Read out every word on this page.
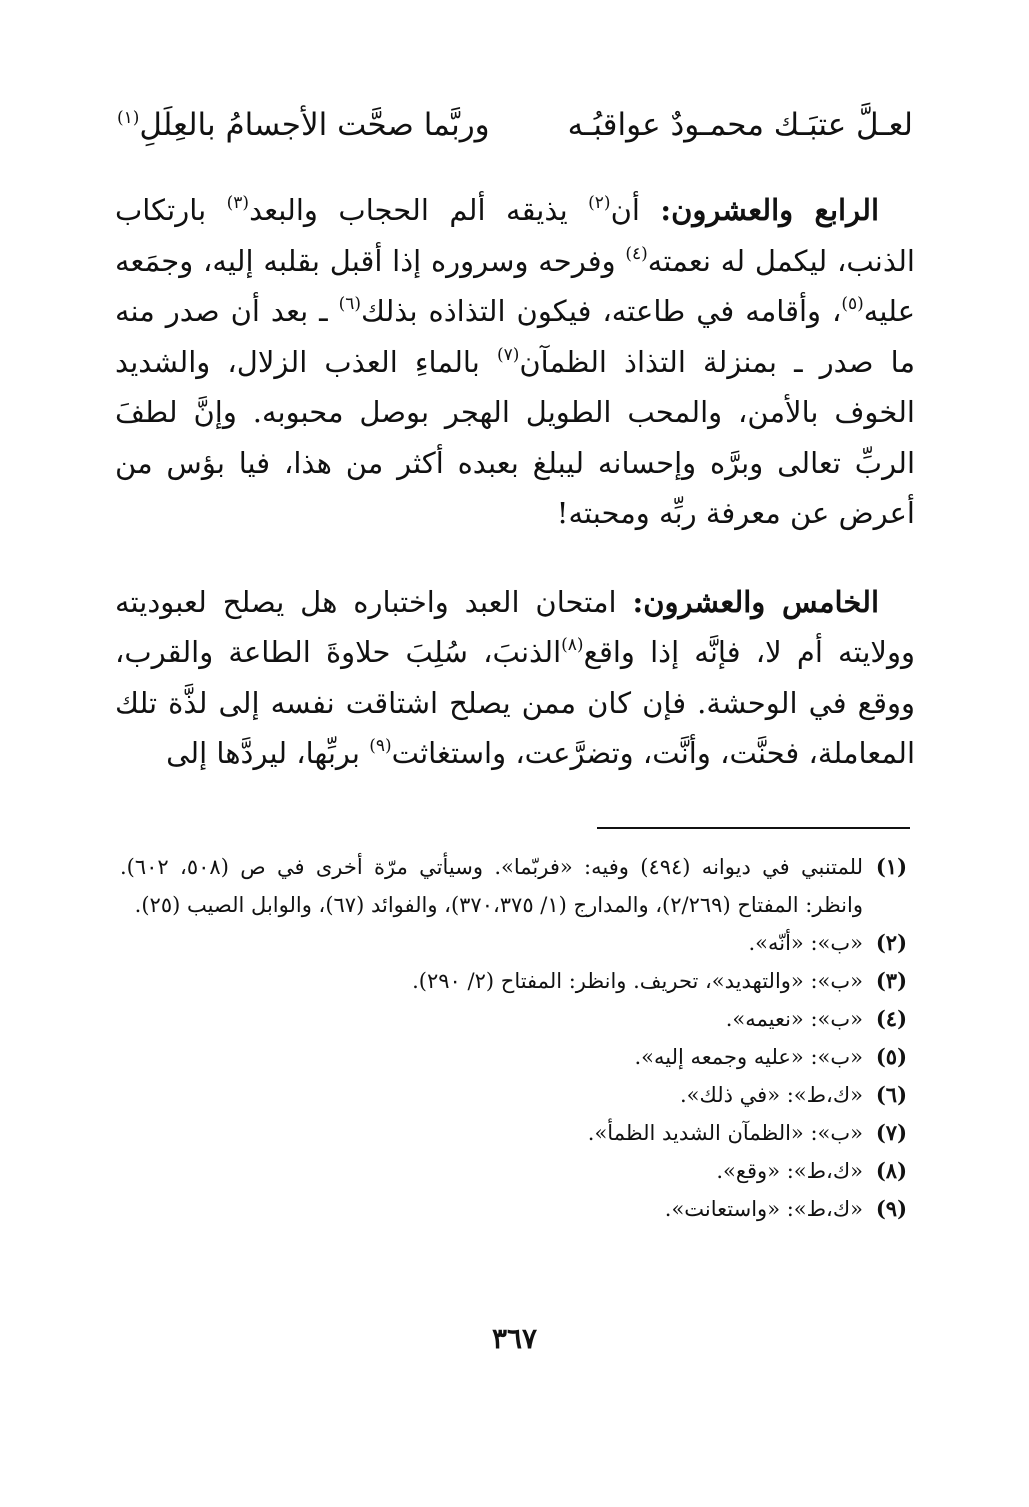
لعـلَّ عتبَـك محمـودٌ عواقبُـه
وربَّما صحَّت الأجسامُ بالعِلَلِ$^{(١)}$

الرابع والعشرون: أن$^{(٢)}$ يذيقه ألم الحجاب والبعد$^{(٣)}$ بارتكاب الذنب، ليكمل له نعمته$^{(٤)}$ وفرحه وسروره إذا أقبل بقلبه إليه، وجمَعه عليه$^{(٥)}$، وأقامه في طاعته، فيكون التذاذه بذلك$^{(٦)}$ ـ بعد أن صدر منه ما صدر ـ بمنزلة التذاذ الظمآن$^{(٧)}$ بالماءِ العذب الزلال، والشديد الخوف بالأمن، والمحب الطويل الهجر بوصل محبوبه. وإنَّ لطفَ الربِّ تعالى وبرَّه وإحسانه ليبلغ بعبده أكثر من هذا، فيا بؤس من أعرض عن معرفة ربِّه ومحبته!

الخامس والعشرون: امتحان العبد واختباره هل يصلح لعبوديته وولايته أم لا، فإنَّه إذا واقع$^{(٨)}$الذنبَ، سُلِبَ حلاوةَ الطاعة والقرب، ووقع في الوحشة. فإن كان ممن يصلح اشتاقت نفسه إلى لذَّة تلك المعاملة، فحنَّت، وأنَّت، وتضرَّعت، واستغاثت$^{(٩)}$ بربِّها، ليردَّها إلى

(١)
للمتنبي في ديوانه (٤٩٤) وفيه: «فربّما». وسيأتي مرّة أخرى في ص (٥٠٨، ٦٠٢). وانظر: المفتاح (٢/٢٦٩)، والمدارج (١/ ٣٧٠،٣٧٥)، والفوائد (٦٧)، والوابل الصيب (٢٥).
(٢)
«ب»: «أنّه».
(٣)
«ب»: «والتهديد»، تحريف. وانظر: المفتاح (٢/ ٢٩٠).
(٤)
«ب»: «نعيمه».
(٥)
«ب»: «عليه وجمعه إليه».
(٦)
«ك،ط»: «في ذلك».
(٧)
«ب»: «الظمآن الشديد الظمأ».
(٨)
«ك،ط»: «وقع».
(٩)
«ك،ط»: «واستعانت».
٣٦٧
